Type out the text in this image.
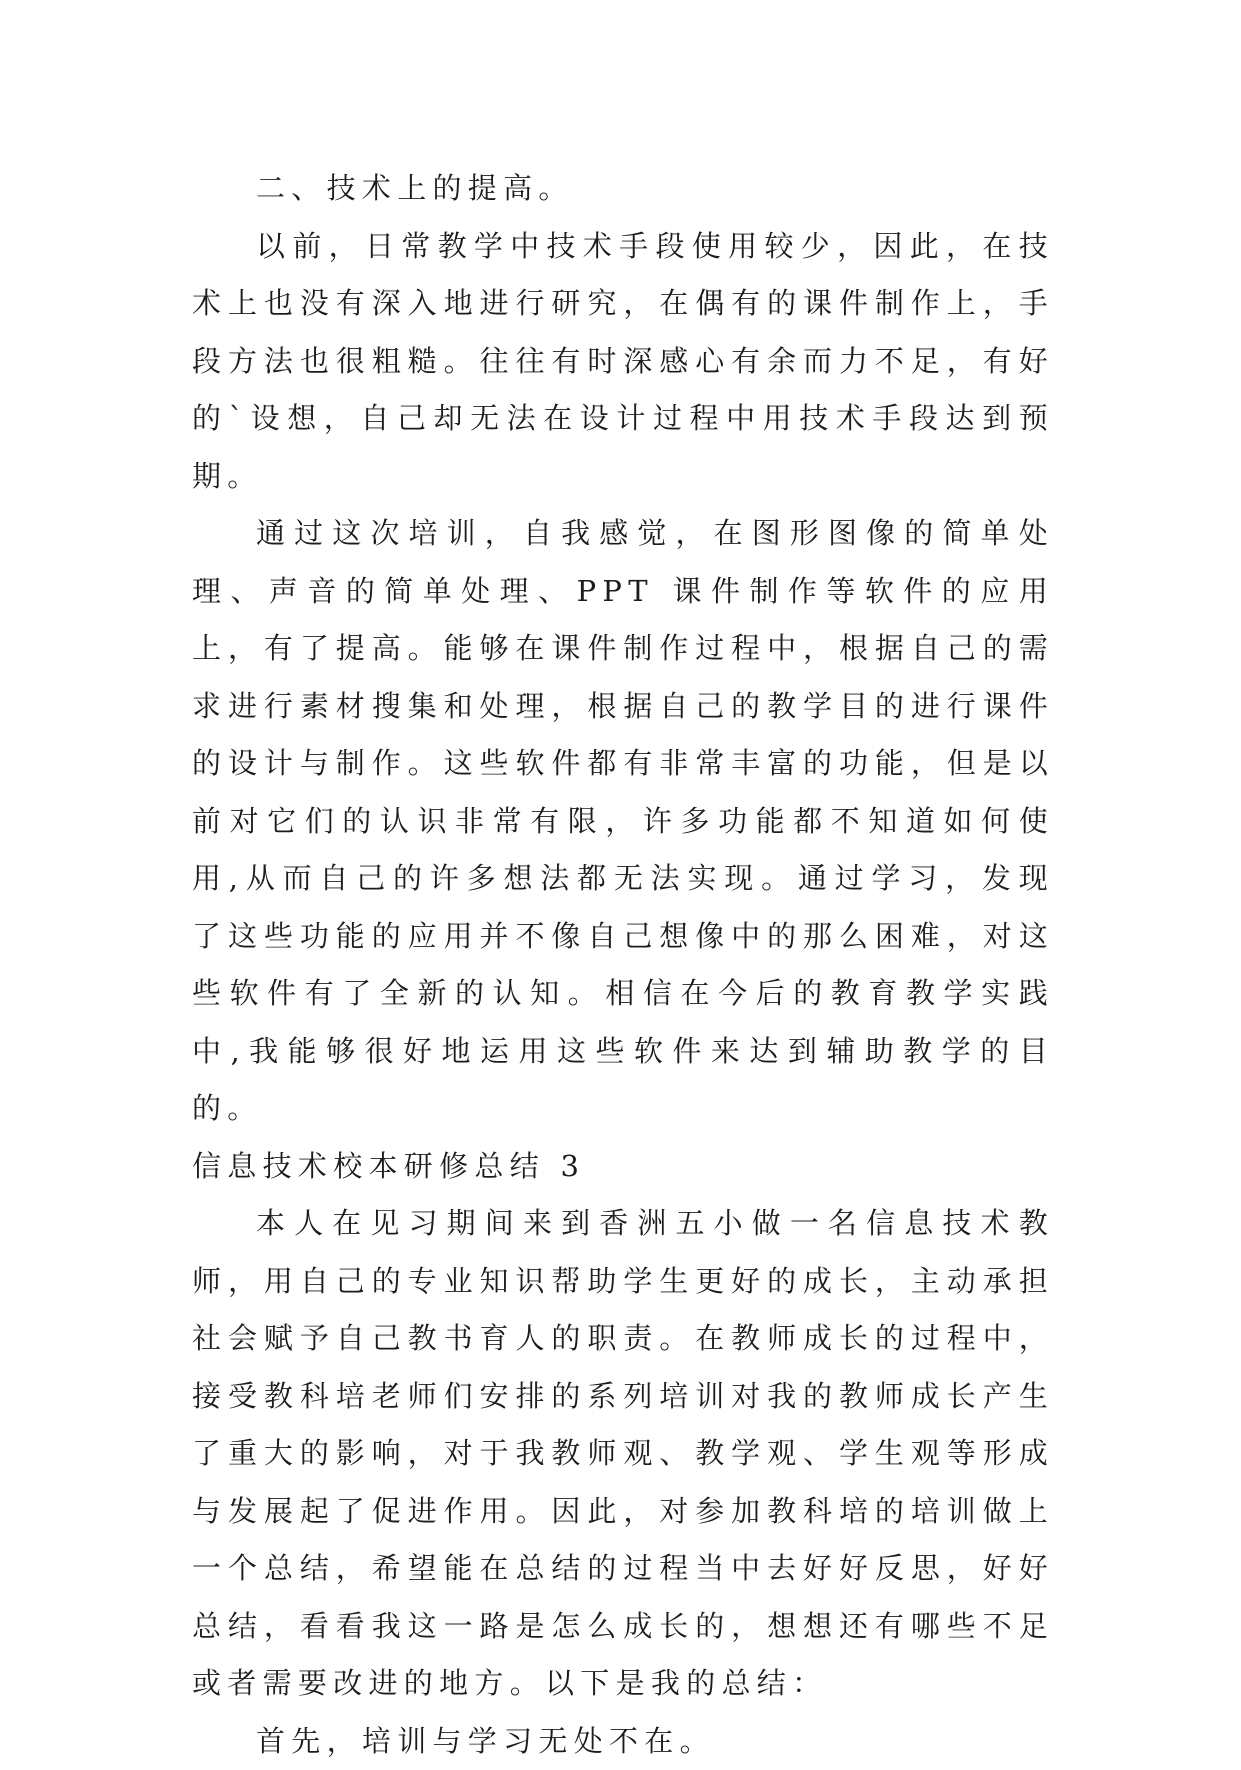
二、技术上的提高。

以前，日常教学中技术手段使用较少，因此，在技术上也没有深入地进行研究，在偶有的课件制作上，手段方法也很粗糙。往往有时深感心有余而力不足，有好的`设想，自己却无法在设计过程中用技术手段达到预期。

通过这次培训，自我感觉，在图形图像的简单处理、声音的简单处理、PPT 课件制作等软件的应用上，有了提高。能够在课件制作过程中，根据自己的需求进行素材搜集和处理，根据自己的教学目的进行课件的设计与制作。这些软件都有非常丰富的功能，但是以前对它们的认识非常有限，许多功能都不知道如何使用,从而自己的许多想法都无法实现。通过学习，发现了这些功能的应用并不像自己想像中的那么困难，对这些软件有了全新的认知。相信在今后的教育教学实践中,我能够很好地运用这些软件来达到辅助教学的目的。

信息技术校本研修总结 3

本人在见习期间来到香洲五小做一名信息技术教师，用自己的专业知识帮助学生更好的成长，主动承担社会赋予自己教书育人的职责。在教师成长的过程中，接受教科培老师们安排的系列培训对我的教师成长产生了重大的影响，对于我教师观、教学观、学生观等形成与发展起了促进作用。因此，对参加教科培的培训做上一个总结，希望能在总结的过程当中去好好反思，好好总结，看看我这一路是怎么成长的，想想还有哪些不足或者需要改进的地方。以下是我的总结：

首先，培训与学习无处不在。
